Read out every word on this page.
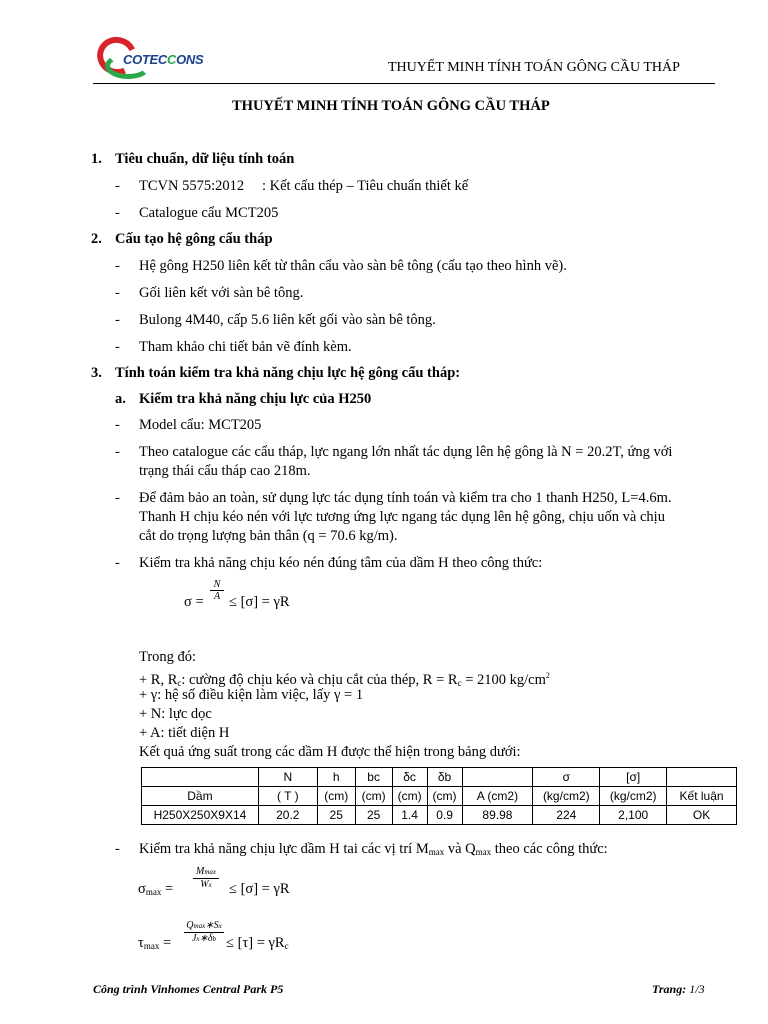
COTECCONS
THUYẾT MINH TÍNH TOÁN GÔNG CẦU THÁP
THUYẾT MINH TÍNH TOÁN GÔNG CẦU THÁP
1. Tiêu chuẩn, dữ liệu tính toán
- TCVN 5575:2012 : Kết cấu thép – Tiêu chuẩn thiết kế
- Catalogue cẩu MCT205
2. Cấu tạo hệ gông cẩu tháp
- Hệ gông H250 liên kết từ thân cẩu vào sàn bê tông (cấu tạo theo hình vẽ).
- Gối liên kết với sàn bê tông.
- Bulong 4M40, cấp 5.6 liên kết gối vào sàn bê tông.
- Tham khảo chi tiết bản vẽ đính kèm.
3. Tính toán kiểm tra khả năng chịu lực hệ gông cẩu tháp:
a. Kiểm tra khả năng chịu lực của H250
- Model cẩu: MCT205
- Theo catalogue các cẩu tháp, lực ngang lớn nhất tác dụng lên hệ gông là N = 20.2T, ứng với
trạng thái cẩu tháp cao 218m.
- Để đảm bảo an toàn, sử dụng lực tác dụng tính toán và kiểm tra cho 1 thanh H250, L=4.6m.
Thanh H chịu kéo nén với lực tương ứng lực ngang tác dụng lên hệ gông, chịu uốn và chịu
cắt do trọng lượng bản thân (q = 70.6 kg/m).
- Kiểm tra khả năng chịu kéo nén đúng tâm của dầm H theo công thức:
$\sigma = \frac{N}{A} \le [\sigma] = \gamma R$
Trong đó:
+ R, $R_c$: cường độ chịu kéo và chịu cắt của thép, $R = R_c = 2100$ $kg/cm^2$
+ γ: hệ số điều kiện làm việc, lấy γ = 1
+ N: lực dọc
+ A: tiết diện H
Kết quả ứng suất trong các dầm H được thể hiện trong bảng dưới:
	N	h	bc	δc	δb		σ	[σ]	
Dầm	( T )	(cm)	(cm)	(cm)	(cm)	A (cm2)	(kg/cm2)	(kg/cm2)	Kết luận
H250X250X9X14	20.2	25	25	1.4	0.9	89.98	224	2,100	OK
- Kiểm tra khả năng chịu lực dầm H tai các vị trí $M_{max}$ và $Q_{max}$ theo các công thức:
$\sigma_{max}$ =
Mmax
Wx	≤ [σ] = γR
$\tau_{max}$ =
Qmax∗Sx
Jx∗δb ≤ $[\tau] = \gamma R_c$
Công trình Vinhomes Central Park P5	Trang: 1/3
